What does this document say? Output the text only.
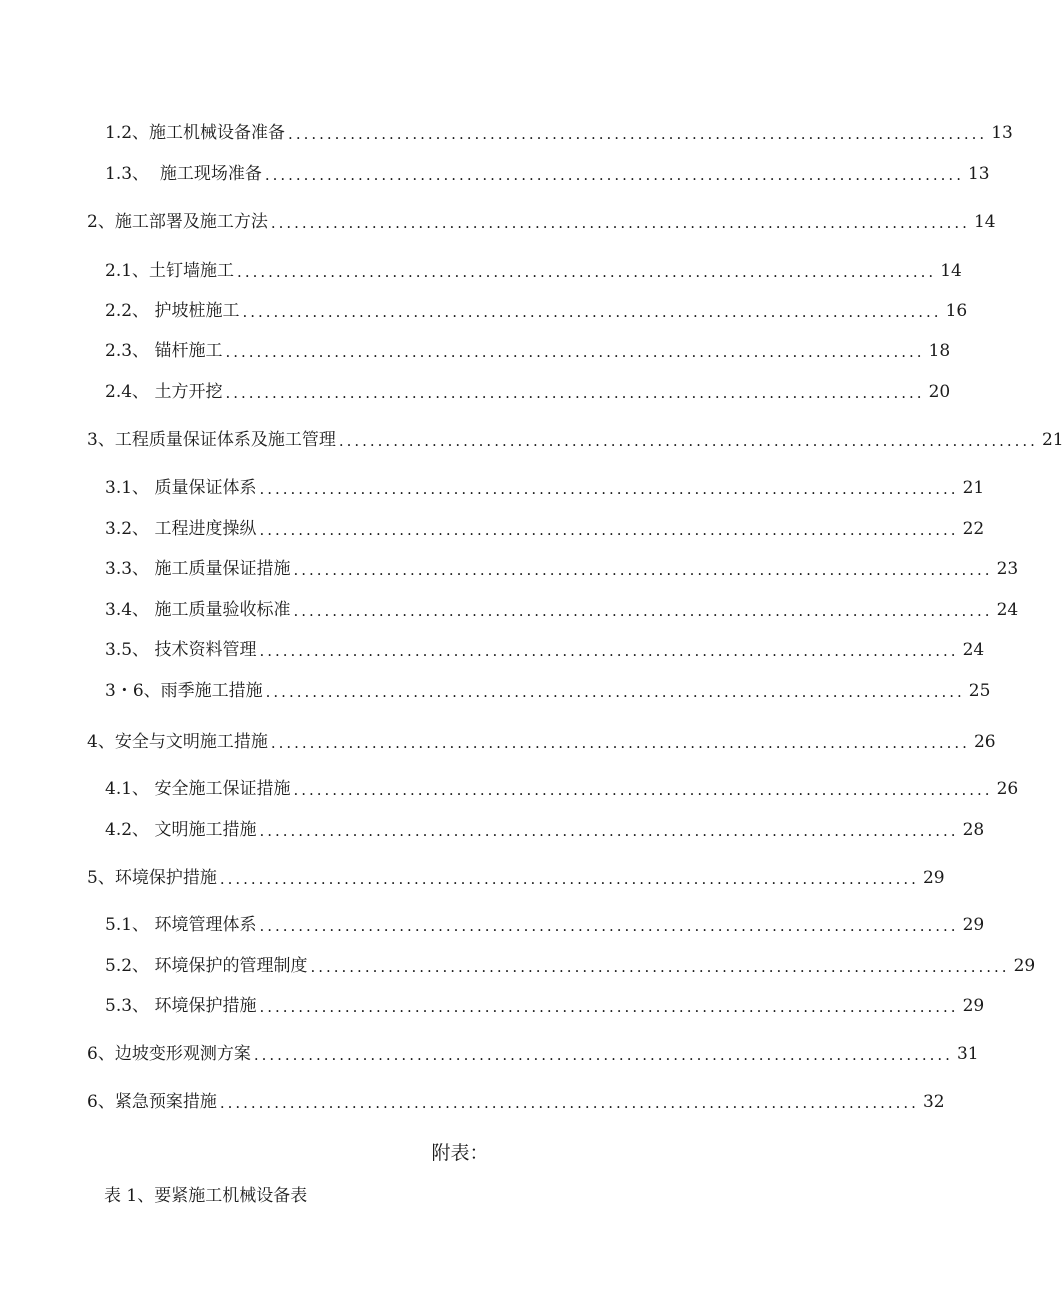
1.2、施工机械设备准备 .......................................................................................... 13
1.3、  施工现场准备 .......................................................................................... 13
2、施工部署及施工方法 .......................................................................................... 14
2.1、土钉墙施工 .......................................................................................... 14
2.2、 护坡桩施工 .......................................................................................... 16
2.3、 锚杆施工 .......................................................................................... 18
2.4、 土方开挖 .......................................................................................... 20
3、工程质量保证体系及施工管理 .......................................................................................... 21
3.1、 质量保证体系 .......................................................................................... 21
3.2、 工程进度操纵 .......................................................................................... 22
3.3、 施工质量保证措施 .......................................................................................... 23
3.4、 施工质量验收标准 .......................................................................................... 24
3.5、 技术资料管理 .......................................................................................... 24
3・6、雨季施工措施 .......................................................................................... 25
4、安全与文明施工措施 .......................................................................................... 26
4.1、 安全施工保证措施 .......................................................................................... 26
4.2、 文明施工措施 .......................................................................................... 28
5、环境保护措施 .......................................................................................... 29
5.1、 环境管理体系 .......................................................................................... 29
5.2、 环境保护的管理制度 .......................................................................................... 29
5.3、 环境保护措施 .......................................................................................... 29
6、边坡变形观测方案 .......................................................................................... 31
6、紧急预案措施 .......................................................................................... 32
附表：
表 1、要紧施工机械设备表
